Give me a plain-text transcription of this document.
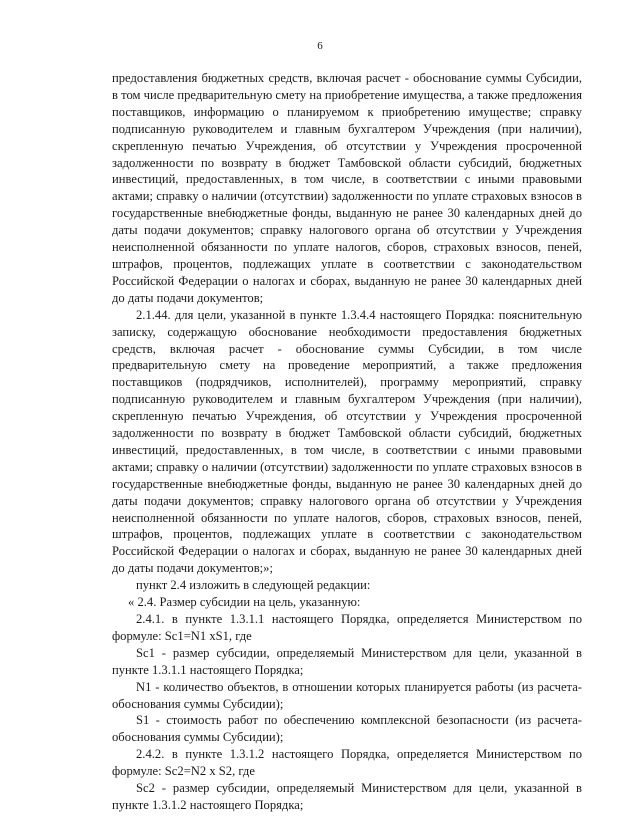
6

предоставления бюджетных средств, включая расчет - обоснование суммы Субсидии, в том числе предварительную смету на приобретение имущества, а также предложения поставщиков, информацию о планируемом к приобретению имуществе; справку подписанную руководителем и главным бухгалтером Учреждения (при наличии), скрепленную печатью Учреждения, об отсутствии у Учреждения просроченной задолженности по возврату в бюджет Тамбовской области субсидий, бюджетных инвестиций, предоставленных, в том числе, в соответствии с иными правовыми актами; справку о наличии (отсутствии) задолженности по уплате страховых взносов в государственные внебюджетные фонды, выданную не ранее 30 календарных дней до даты подачи документов; справку налогового органа об отсутствии у Учреждения неисполненной обязанности по уплате налогов, сборов, страховых взносов, пеней, штрафов, процентов, подлежащих уплате в соответствии с законодательством Российской Федерации о налогах и сборах, выданную не ранее 30 календарных дней до даты подачи документов;

2.1.44. для цели, указанной в пункте 1.3.4.4 настоящего Порядка: пояснительную записку, содержащую обоснование необходимости предоставления бюджетных средств, включая расчет - обоснование суммы Субсидии, в том числе предварительную смету на проведение мероприятий, а также предложения поставщиков (подрядчиков, исполнителей), программу мероприятий, справку подписанную руководителем и главным бухгалтером Учреждения (при наличии), скрепленную печатью Учреждения, об отсутствии у Учреждения просроченной задолженности по возврату в бюджет Тамбовской области субсидий, бюджетных инвестиций, предоставленных, в том числе, в соответствии с иными правовыми актами; справку о наличии (отсутствии) задолженности по уплате страховых взносов в государственные внебюджетные фонды, выданную не ранее 30 календарных дней до даты подачи документов; справку налогового органа об отсутствии у Учреждения неисполненной обязанности по уплате налогов, сборов, страховых взносов, пеней, штрафов, процентов, подлежащих уплате в соответствии с законодательством Российской Федерации о налогах и сборах, выданную не ранее 30 календарных дней до даты подачи документов;»;

пункт 2.4 изложить в следующей редакции:

« 2.4. Размер субсидии на цель, указанную:

2.4.1. в пункте 1.3.1.1 настоящего Порядка, определяется Министерством по формуле: Sc1=N1 xS1, где

Sc1 - размер субсидии, определяемый Министерством для цели, указанной в пункте 1.3.1.1 настоящего Порядка;

N1 - количество объектов, в отношении которых планируется работы (из расчета-обоснования суммы Субсидии);

S1 - стоимость работ по обеспечению комплексной безопасности (из расчета-обоснования суммы Субсидии);

2.4.2. в пункте 1.3.1.2 настоящего Порядка, определяется Министерством по формуле: Sc2=N2 x S2, где

Sc2 - размер субсидии, определяемый Министерством для цели, указанной в пункте 1.3.1.2 настоящего Порядка;
